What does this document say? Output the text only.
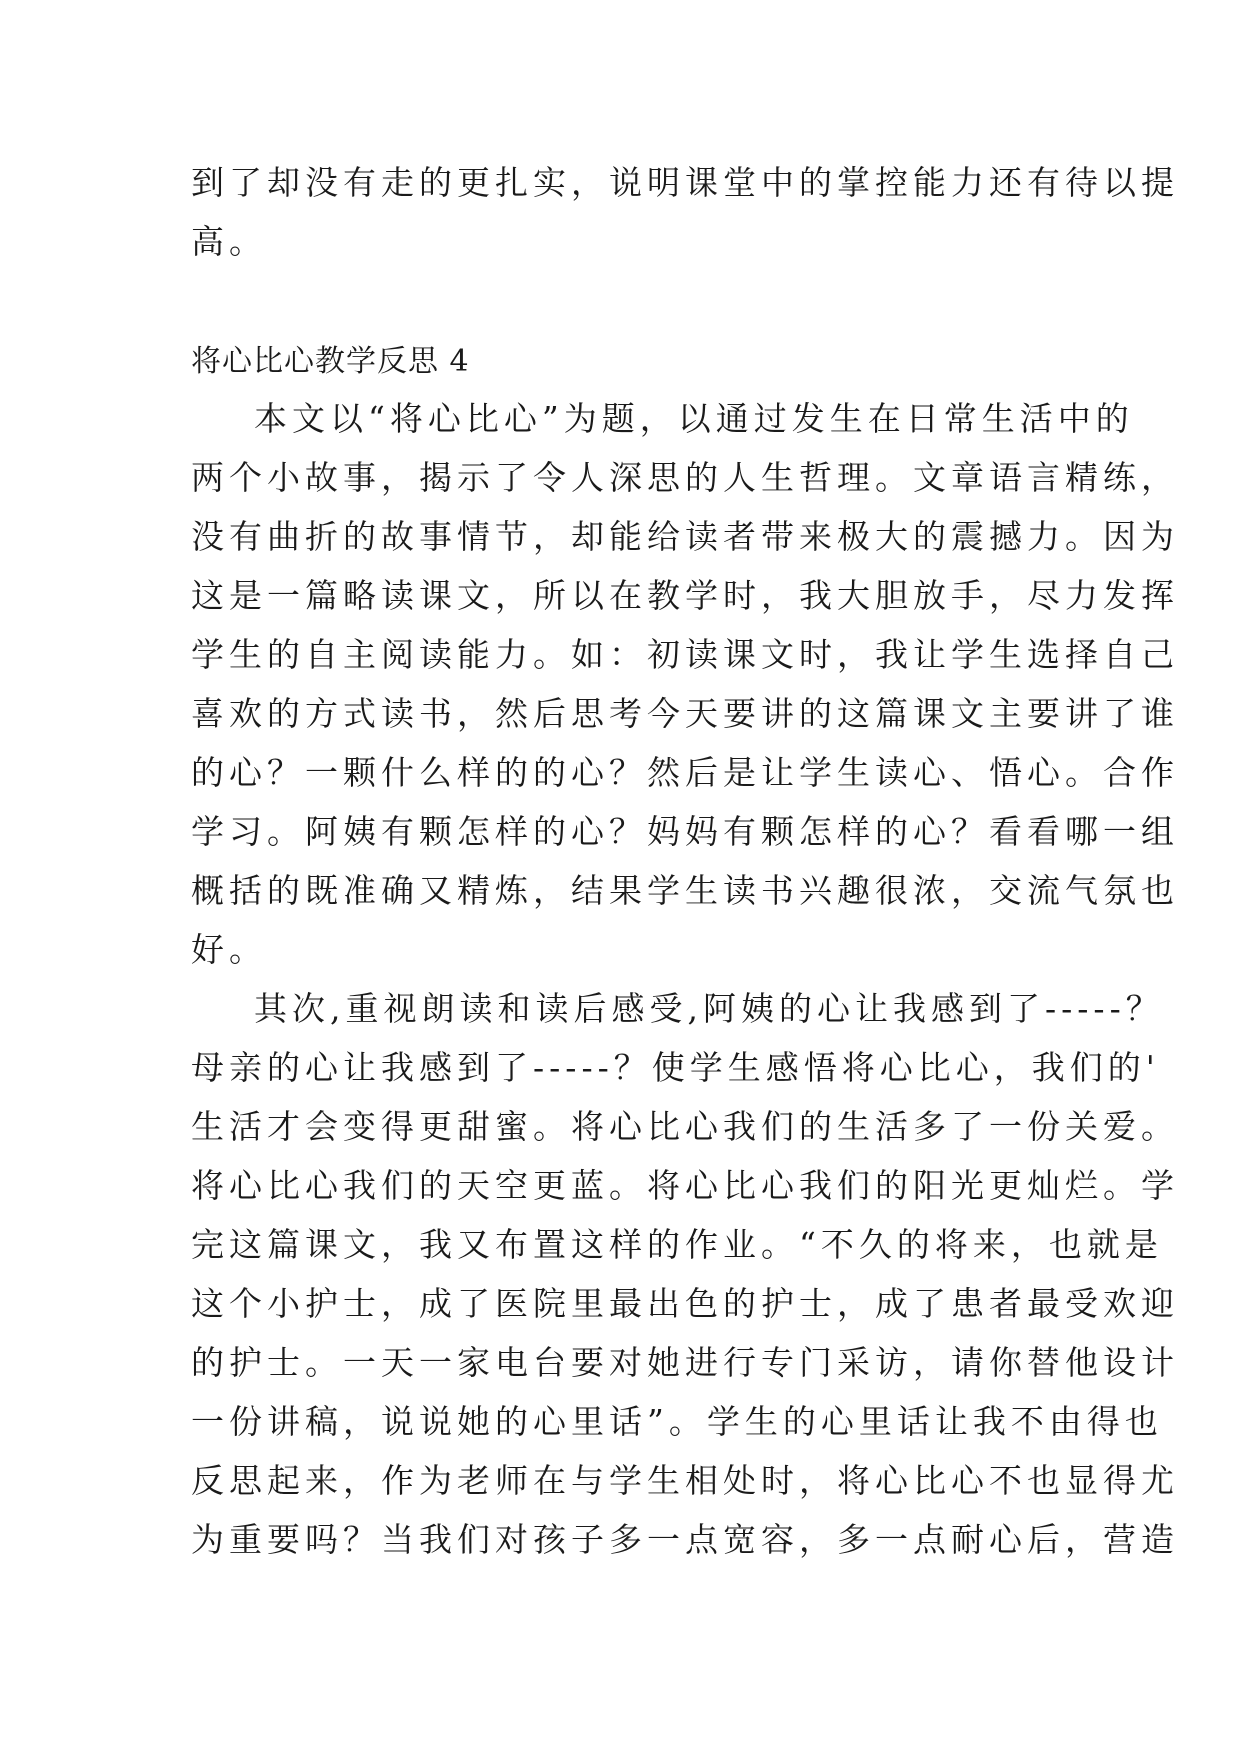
到了却没有走的更扎实，说明课堂中的掌控能力还有待以提
高。
将心比心教学反思 4
本文以“将心比心”为题，以通过发生在日常生活中的
两个小故事，揭示了令人深思的人生哲理。文章语言精练，
没有曲折的故事情节，却能给读者带来极大的震撼力。因为
这是一篇略读课文，所以在教学时，我大胆放手，尽力发挥
学生的自主阅读能力。如：初读课文时，我让学生选择自己
喜欢的方式读书，然后思考今天要讲的这篇课文主要讲了谁
的心？一颗什么样的的心？然后是让学生读心、悟心。合作
学习。阿姨有颗怎样的心？妈妈有颗怎样的心？看看哪一组
概括的既准确又精炼，结果学生读书兴趣很浓，交流气氛也
好。
其次,重视朗读和读后感受,阿姨的心让我感到了-----？
母亲的心让我感到了-----？使学生感悟将心比心，我们的'
生活才会变得更甜蜜。将心比心我们的生活多了一份关爱。
将心比心我们的天空更蓝。将心比心我们的阳光更灿烂。学
完这篇课文，我又布置这样的作业。“不久的将来，也就是
这个小护士，成了医院里最出色的护士，成了患者最受欢迎
的护士。一天一家电台要对她进行专门采访，请你替他设计
一份讲稿，说说她的心里话”。学生的心里话让我不由得也
反思起来，作为老师在与学生相处时，将心比心不也显得尤
为重要吗？当我们对孩子多一点宽容，多一点耐心后，营造
